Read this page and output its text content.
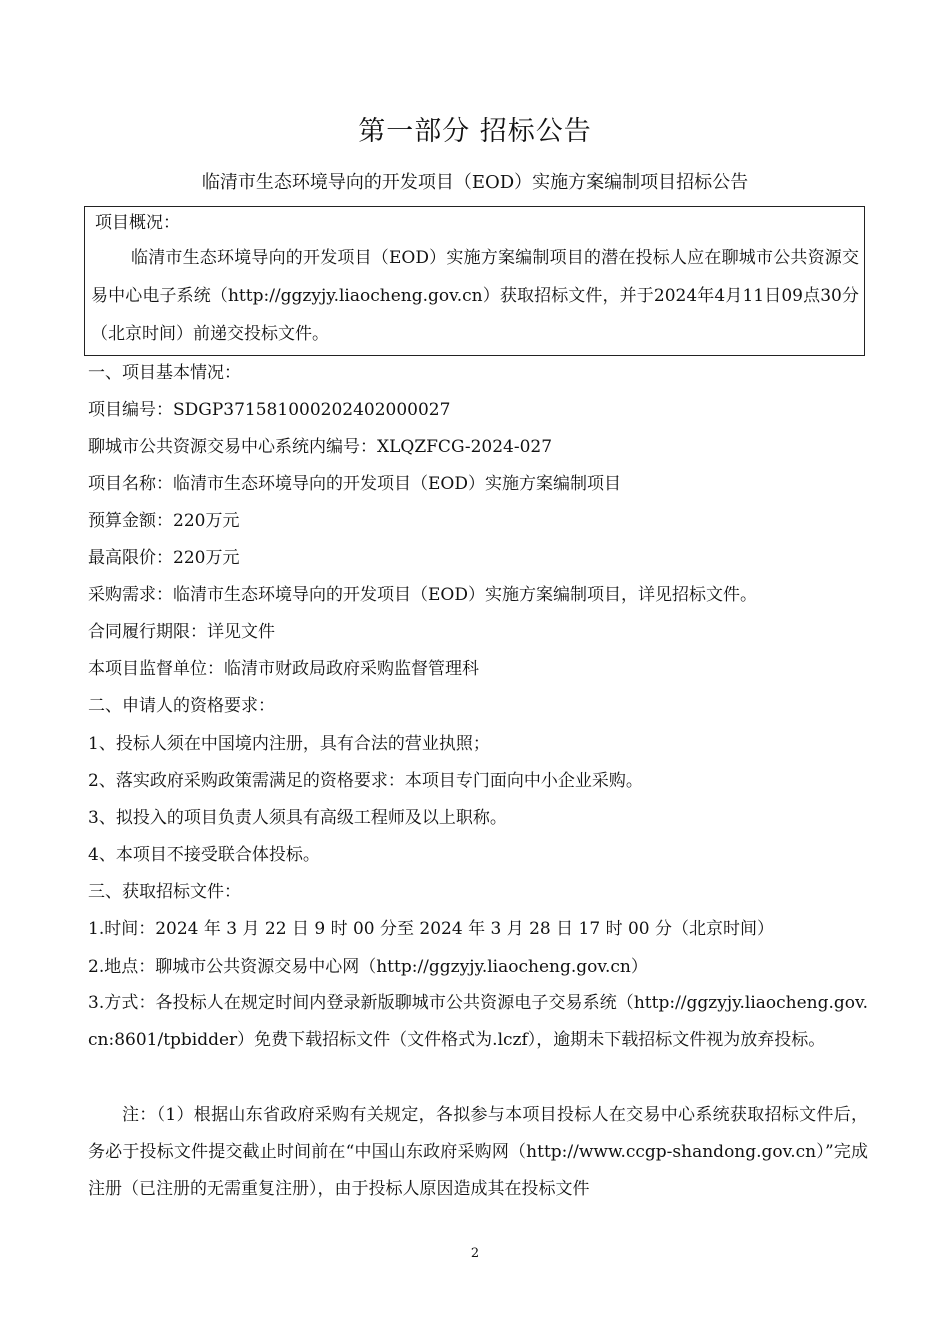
第一部分 招标公告
临清市生态环境导向的开发项目（EOD）实施方案编制项目招标公告
项目概况：
临清市生态环境导向的开发项目（EOD）实施方案编制项目的潜在投标人应在聊城市公共资源交易中心电子系统（http://ggzyjy.liaocheng.gov.cn）获取招标文件，并于2024年4月11日09点30分（北京时间）前递交投标文件。
一、项目基本情况：
项目编号：SDGP371581000202402000027
聊城市公共资源交易中心系统内编号：XLQZFCG-2024-027
项目名称：临清市生态环境导向的开发项目（EOD）实施方案编制项目
预算金额：220万元
最高限价：220万元
采购需求：临清市生态环境导向的开发项目（EOD）实施方案编制项目，详见招标文件。
合同履行期限：详见文件
本项目监督单位：临清市财政局政府采购监督管理科
二、申请人的资格要求：
1、投标人须在中国境内注册，具有合法的营业执照；
2、落实政府采购政策需满足的资格要求：本项目专门面向中小企业采购。
3、拟投入的项目负责人须具有高级工程师及以上职称。
4、本项目不接受联合体投标。
三、获取招标文件：
1.时间：2024 年 3 月 22 日 9 时 00 分至 2024 年 3 月 28 日 17 时 00 分（北京时间）
2.地点：聊城市公共资源交易中心网（http://ggzyjy.liaocheng.gov.cn）
3.方式：各投标人在规定时间内登录新版聊城市公共资源电子交易系统（http://ggzyjy.liaocheng.gov.cn:8601/tpbidder）免费下载招标文件（文件格式为.lczf），逾期未下载招标文件视为放弃投标。
注：（1）根据山东省政府采购有关规定，各拟参与本项目投标人在交易中心系统获取招标文件后，务必于投标文件提交截止时间前在“中国山东政府采购网（http://www.ccgp-shandong.gov.cn）”完成注册（已注册的无需重复注册），由于投标人原因造成其在投标文件
2
